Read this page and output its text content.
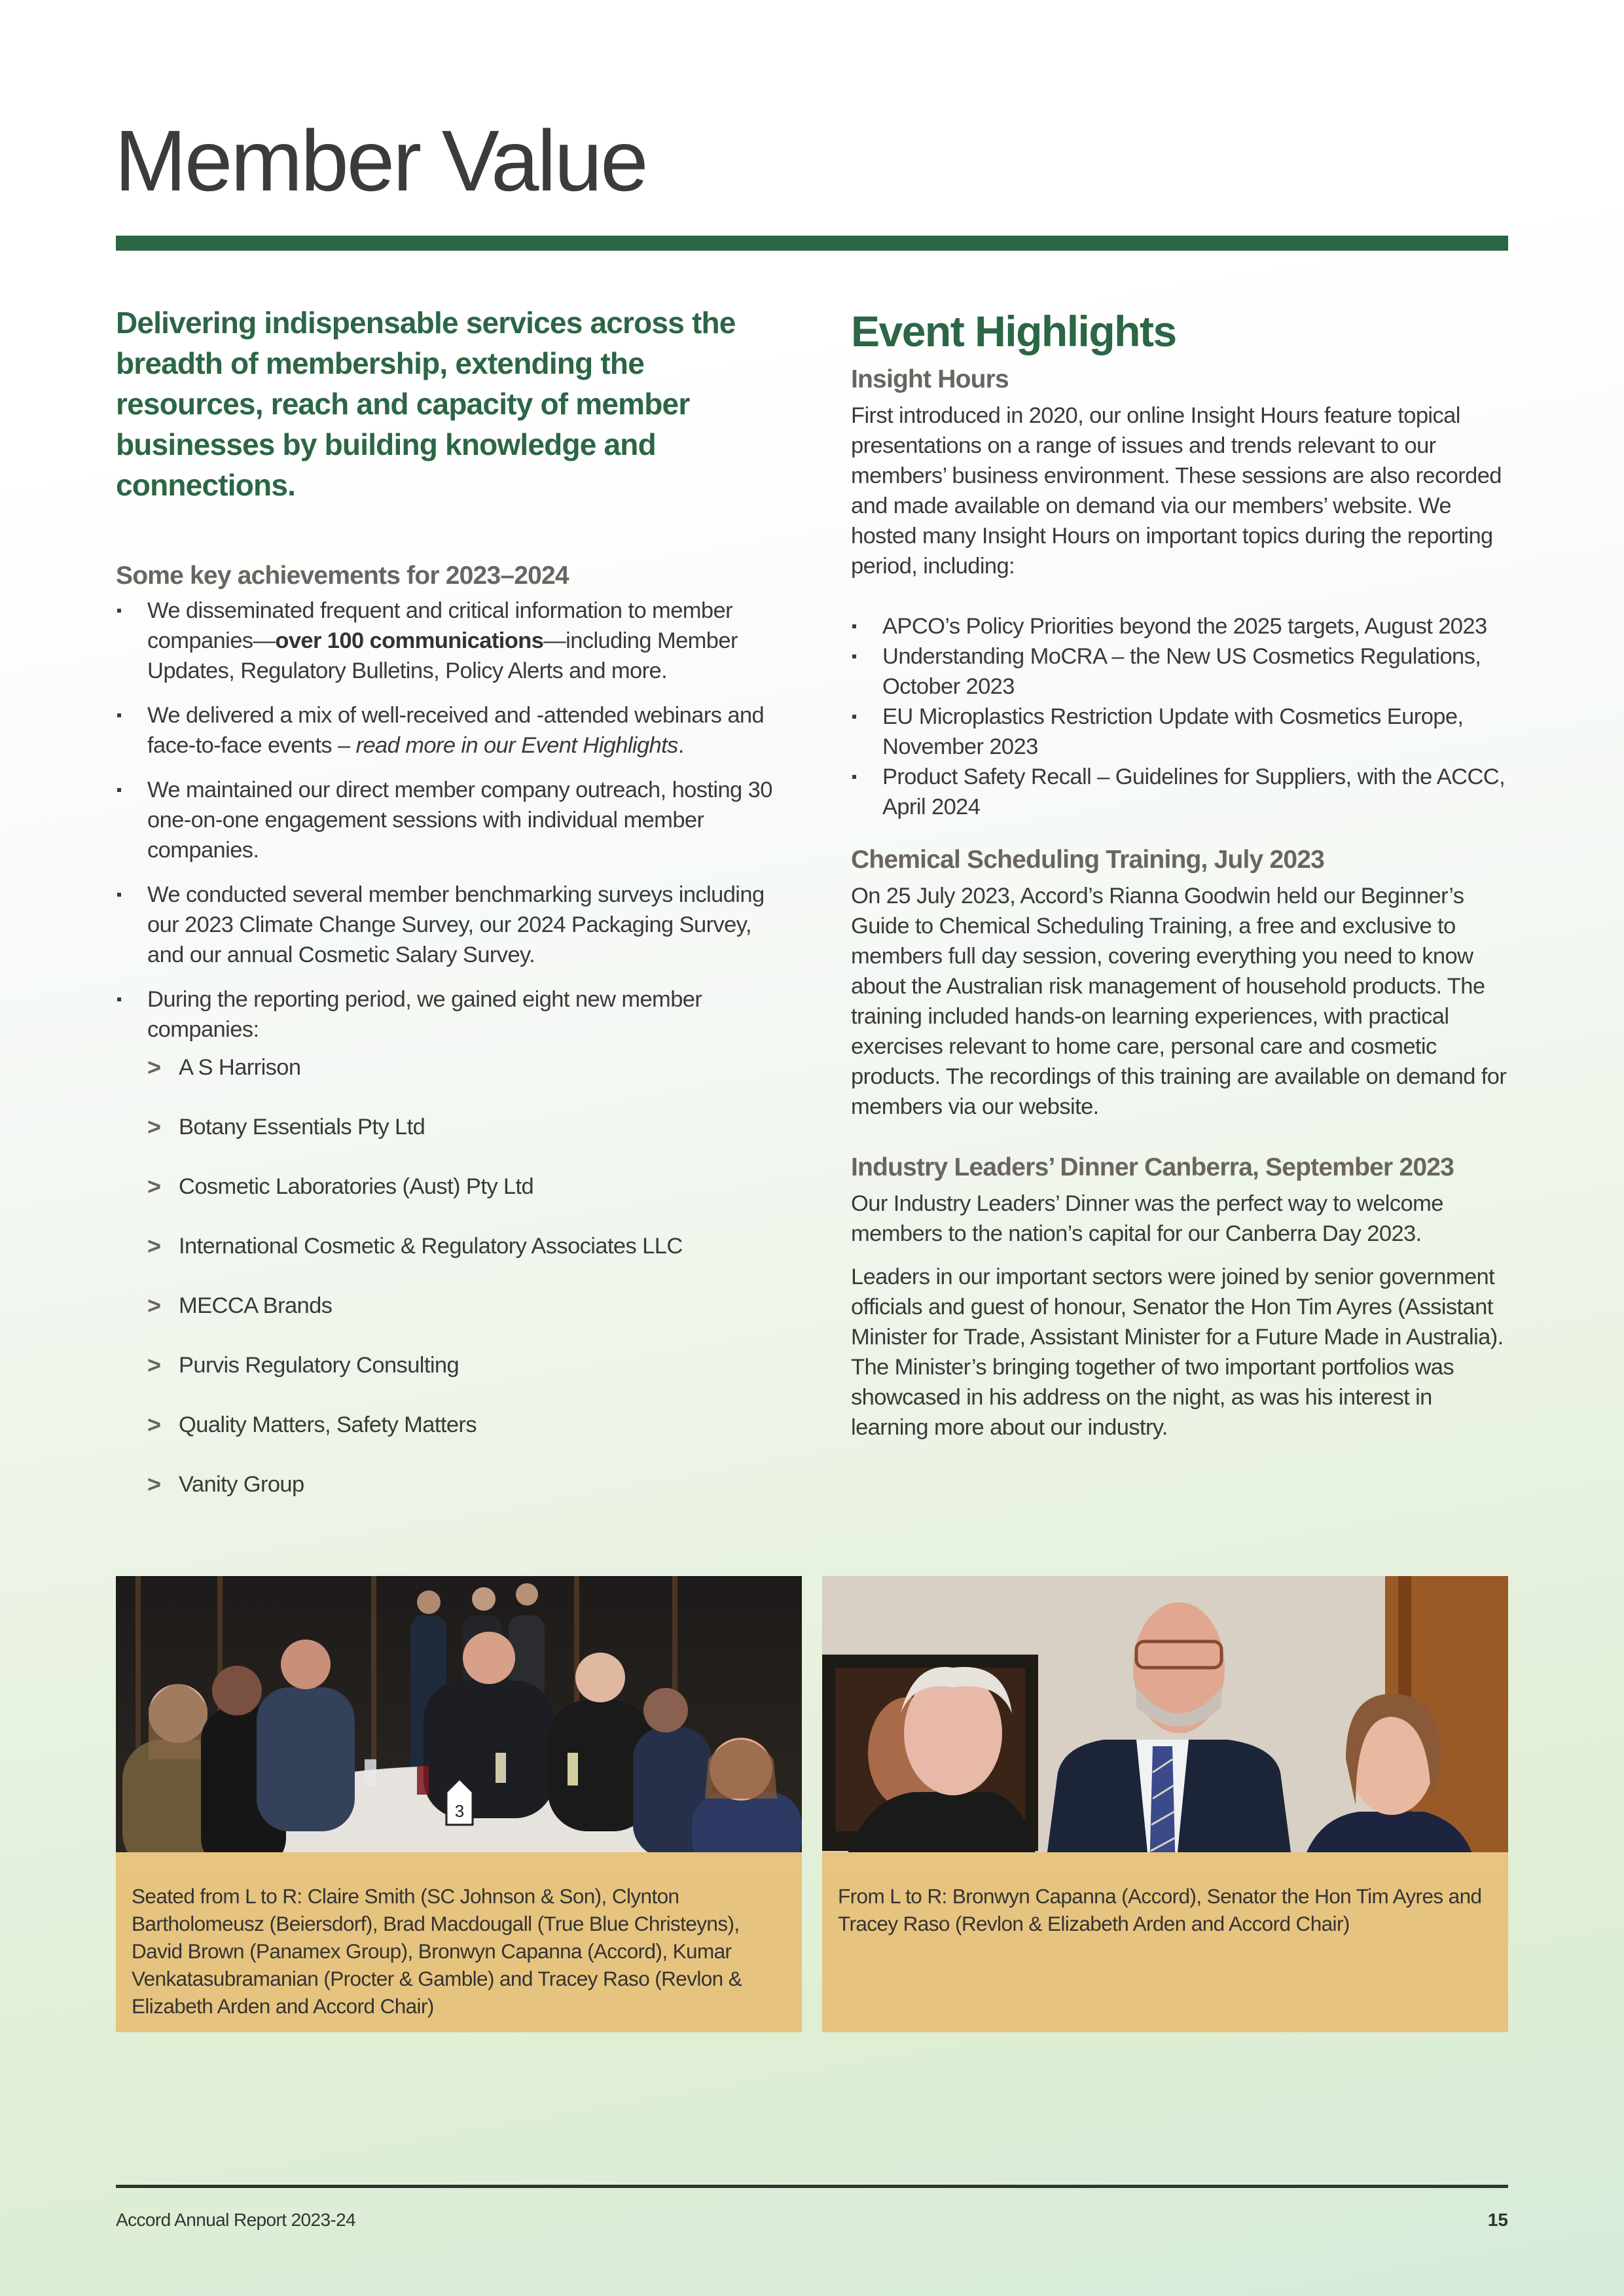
Member Value

Delivering indispensable services across the breadth of membership, extending the resources, reach and capacity of member businesses by building knowledge and connections.

Some key achievements for 2023–2024
We disseminated frequent and critical information to member companies—over 100 communications—including Member Updates, Regulatory Bulletins, Policy Alerts and more.
We delivered a mix of well-received and -attended webinars and face-to-face events – read more in our Event Highlights.
We maintained our direct member company outreach, hosting 30 one-on-one engagement sessions with individual member companies.
We conducted several member benchmarking surveys including our 2023 Climate Change Survey, our 2024 Packaging Survey, and our annual Cosmetic Salary Survey.
During the reporting period, we gained eight new member companies:
> A S Harrison
> Botany Essentials Pty Ltd
> Cosmetic Laboratories (Aust) Pty Ltd
> International Cosmetic & Regulatory Associates LLC
> MECCA Brands
> Purvis Regulatory Consulting
> Quality Matters, Safety Matters
> Vanity Group
Event Highlights
Insight Hours

First introduced in 2020, our online Insight Hours feature topical presentations on a range of issues and trends relevant to our members’ business environment. These sessions are also recorded and made available on demand via our members’ website. We hosted many Insight Hours on important topics during the reporting period, including:

APCO’s Policy Priorities beyond the 2025 targets, August 2023
Understanding MoCRA – the New US Cosmetics Regulations, October 2023
EU Microplastics Restriction Update with Cosmetics Europe, November 2023
Product Safety Recall – Guidelines for Suppliers, with the ACCC, April 2024
Chemical Scheduling Training, July 2023

On 25 July 2023, Accord’s Rianna Goodwin held our Beginner’s Guide to Chemical Scheduling Training, a free and exclusive to members full day session, covering everything you need to know about the Australian risk management of household products. The training included hands-on learning experiences, with practical exercises relevant to home care, personal care and cosmetic products. The recordings of this training are available on demand for members via our website.

Industry Leaders’ Dinner Canberra, September 2023

Our Industry Leaders’ Dinner was the perfect way to welcome members to the nation’s capital for our Canberra Day 2023.

Leaders in our important sectors were joined by senior government officials and guest of honour, Senator the Hon Tim Ayres (Assistant Minister for Trade, Assistant Minister for a Future Made in Australia). The Minister’s bringing together of two important portfolios was showcased in his address on the night, as was his interest in learning more about our industry.

3
Seated from L to R: Claire Smith (SC Johnson & Son), Clynton Bartholomeusz (Beiersdorf), Brad Macdougall (True Blue Christeyns), David Brown (Panamex Group), Bronwyn Capanna (Accord), Kumar Venkatasubramanian (Procter & Gamble) and Tracey Raso (Revlon & Elizabeth Arden and Accord Chair)
From L to R: Bronwyn Capanna (Accord), Senator the Hon Tim Ayres and Tracey Raso (Revlon & Elizabeth Arden and Accord Chair)
Accord Annual Report 2023-24	15
